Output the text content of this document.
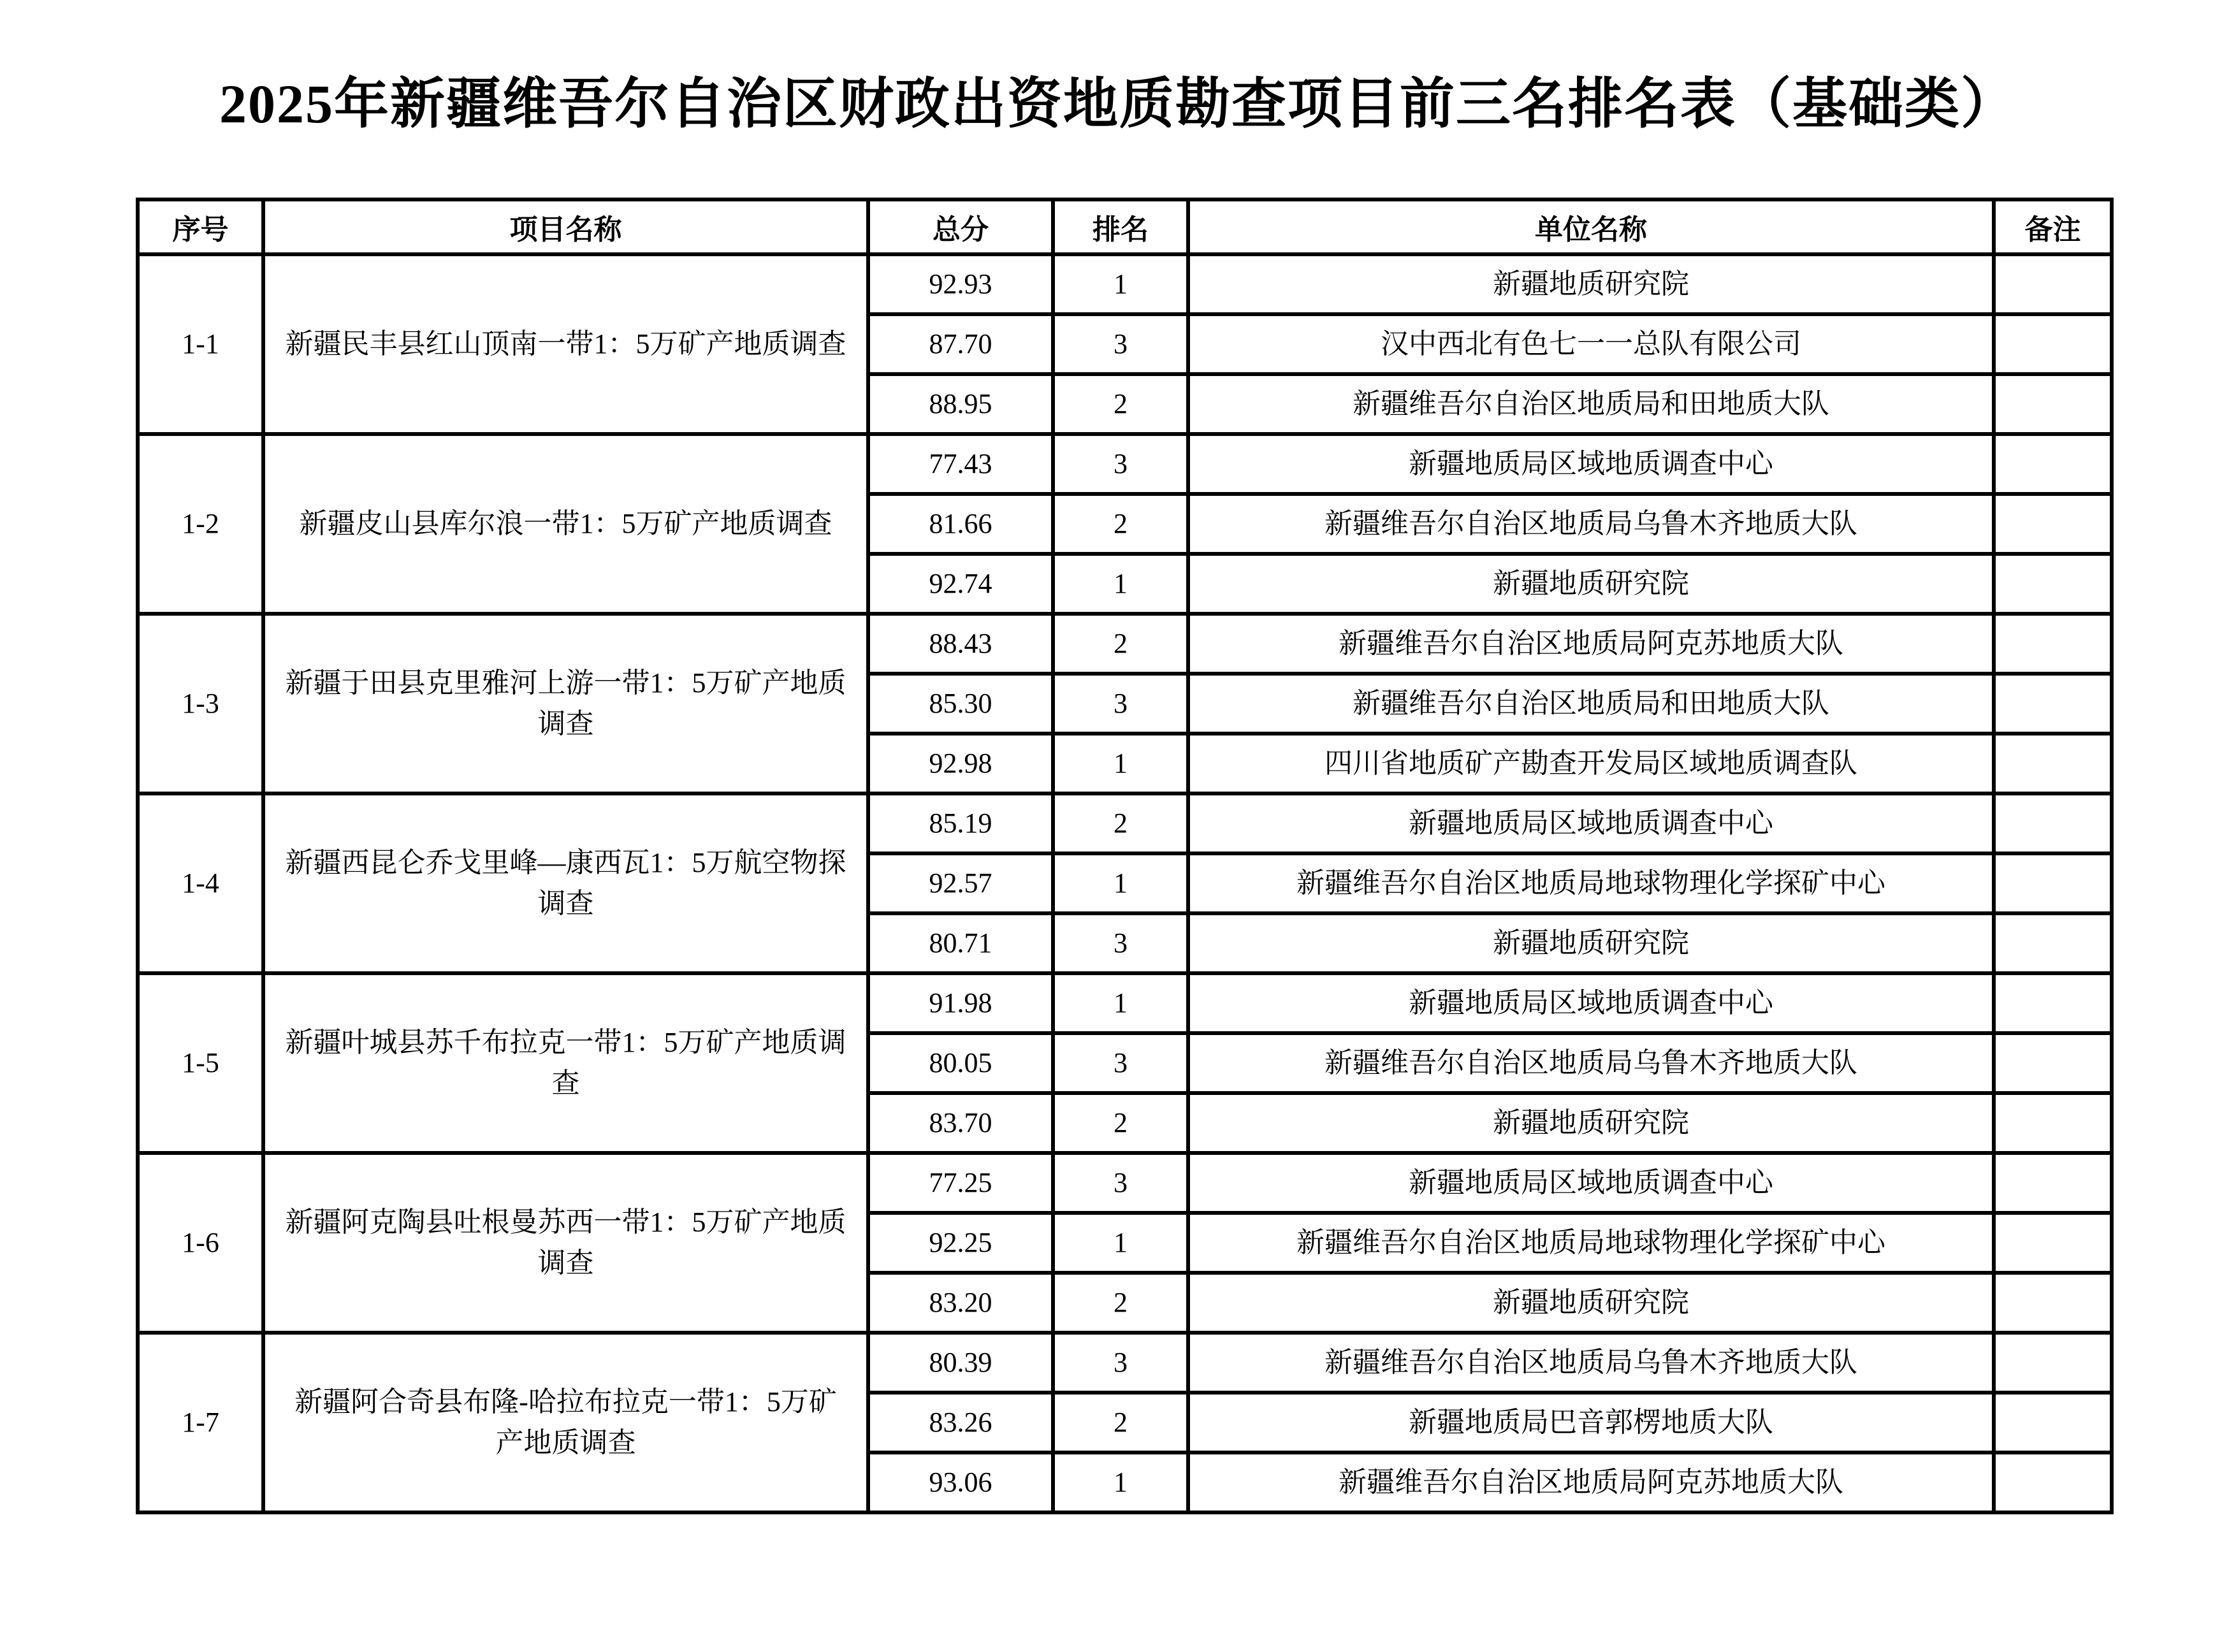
2025年新疆维吾尔自治区财政出资地质勘查项目前三名排名表（基础类）
序号	项目名称	总分	排名	单位名称	备注
1-1	新疆民丰县红山顶南一带1：5万矿产地质调查	92.93	1	新疆地质研究院	
		87.70	3	汉中西北有色七一一总队有限公司	
		88.95	2	新疆维吾尔自治区地质局和田地质大队	
1-2	新疆皮山县库尔浪一带1：5万矿产地质调查	77.43	3	新疆地质局区域地质调查中心	
		81.66	2	新疆维吾尔自治区地质局乌鲁木齐地质大队	
		92.74	1	新疆地质研究院	
1-3	新疆于田县克里雅河上游一带1：5万矿产地质调查	88.43	2	新疆维吾尔自治区地质局阿克苏地质大队	
		85.30	3	新疆维吾尔自治区地质局和田地质大队	
		92.98	1	四川省地质矿产勘查开发局区域地质调查队	
1-4	新疆西昆仑乔戈里峰—康西瓦1：5万航空物探调查	85.19	2	新疆地质局区域地质调查中心	
		92.57	1	新疆维吾尔自治区地质局地球物理化学探矿中心	
		80.71	3	新疆地质研究院	
1-5	新疆叶城县苏千布拉克一带1：5万矿产地质调查	91.98	1	新疆地质局区域地质调查中心	
		80.05	3	新疆维吾尔自治区地质局乌鲁木齐地质大队	
		83.70	2	新疆地质研究院	
1-6	新疆阿克陶县吐根曼苏西一带1：5万矿产地质调查	77.25	3	新疆地质局区域地质调查中心	
		92.25	1	新疆维吾尔自治区地质局地球物理化学探矿中心	
		83.20	2	新疆地质研究院	
1-7	新疆阿合奇县布隆-哈拉布拉克一带1：5万矿产地质调查	80.39	3	新疆维吾尔自治区地质局乌鲁木齐地质大队	
		83.26	2	新疆地质局巴音郭楞地质大队	
		93.06	1	新疆维吾尔自治区地质局阿克苏地质大队	
